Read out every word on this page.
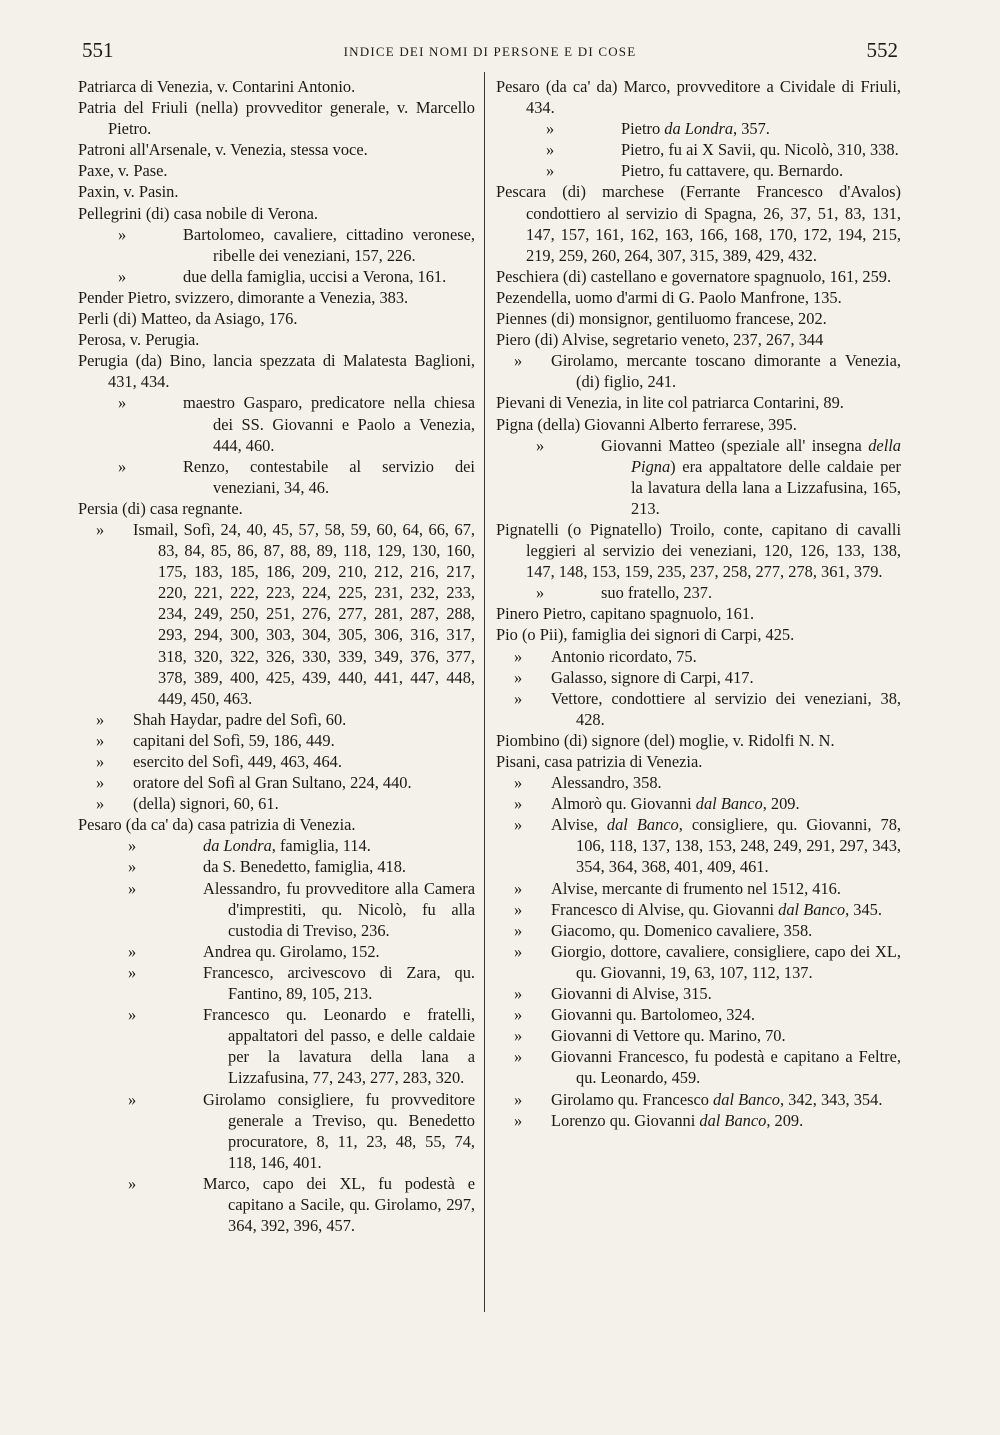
551	INDICE DEI NOMI DI PERSONE E DI COSE	552
Patriarca di Venezia, v. Contarini Antonio.
Patria del Friuli (nella) provveditor generale, v. Marcello Pietro.
Patroni all'Arsenale, v. Venezia, stessa voce.
Paxe, v. Pase.
Paxin, v. Pasin.
Pellegrini (di) casa nobile di Verona.
»	Bartolomeo, cavaliere, cittadino veronese, ribelle dei veneziani, 157, 226.
»	due della famiglia, uccisi a Verona, 161.
Pender Pietro, svizzero, dimorante a Venezia, 383.
Perli (di) Matteo, da Asiago, 176.
Perosa, v. Perugia.
Perugia (da) Bino, lancia spezzata di Malatesta Baglioni, 431, 434.
»	maestro Gasparo, predicatore nella chiesa dei SS. Giovanni e Paolo a Venezia, 444, 460.
»	Renzo, contestabile al servizio dei veneziani, 34, 46.
Persia (di) casa regnante.
»	Ismail, Sofì, 24, 40, 45, 57, 58, 59, 60, 64, 66, 67, 83, 84, 85, 86, 87, 88, 89, 118, 129, 130, 160, 175, 183, 185, 186, 209, 210, 212, 216, 217, 220, 221, 222, 223, 224, 225, 231, 232, 233, 234, 249, 250, 251, 276, 277, 281, 287, 288, 293, 294, 300, 303, 304, 305, 306, 316, 317, 318, 320, 322, 326, 330, 339, 349, 376, 377, 378, 389, 400, 425, 439, 440, 441, 447, 448, 449, 450, 463.
»	Shah Haydar, padre del Sofì, 60.
»	capitani del Sofì, 59, 186, 449.
»	esercito del Sofì, 449, 463, 464.
»	oratore del Sofì al Gran Sultano, 224, 440.
»	(della) signori, 60, 61.
Pesaro (da ca' da) casa patrizia di Venezia.
»	da Londra, famiglia, 114.
»	da S. Benedetto, famiglia, 418.
»	Alessandro, fu provveditore alla Camera d'imprestiti, qu. Nicolò, fu alla custodia di Treviso, 236.
»	Andrea qu. Girolamo, 152.
»	Francesco, arcivescovo di Zara, qu. Fantino, 89, 105, 213.
»	Francesco qu. Leonardo e fratelli, appaltatori del passo, e delle caldaie per la lavatura della lana a Lizzafusina, 77, 243, 277, 283, 320.
»	Girolamo consigliere, fu provveditore generale a Treviso, qu. Benedetto procuratore, 8, 11, 23, 48, 55, 74, 118, 146, 401.
»	Marco, capo dei XL, fu podestà e capitano a Sacile, qu. Girolamo, 297, 364, 392, 396, 457.
Pesaro (da ca' da) Marco, provveditore a Cividale di Friuli, 434.
»	Pietro da Londra, 357.
»	Pietro, fu ai X Savii, qu. Nicolò, 310, 338.
»	Pietro, fu cattavere, qu. Bernardo.
Pescara (di) marchese (Ferrante Francesco d'Avalos) condottiero al servizio di Spagna, 26, 37, 51, 83, 131, 147, 157, 161, 162, 163, 166, 168, 170, 172, 194, 215, 219, 259, 260, 264, 307, 315, 389, 429, 432.
Peschiera (di) castellano e governatore spagnuolo, 161, 259.
Pezendella, uomo d'armi di G. Paolo Manfrone, 135.
Piennes (di) monsignor, gentiluomo francese, 202.
Piero (di) Alvise, segretario veneto, 237, 267, 344
»	Girolamo, mercante toscano dimorante a Venezia, (di) figlio, 241.
Pievani di Venezia, in lite col patriarca Contarini, 89.
Pigna (della) Giovanni Alberto ferrarese, 395.
»	Giovanni Matteo (speziale all' insegna della Pigna) era appaltatore delle caldaie per la lavatura della lana a Lizzafusina, 165, 213.
Pignatelli (o Pignatello) Troilo, conte, capitano di cavalli leggieri al servizio dei veneziani, 120, 126, 133, 138, 147, 148, 153, 159, 235, 237, 258, 277, 278, 361, 379.
»	suo fratello, 237.
Pinero Pietro, capitano spagnuolo, 161.
Pio (o Pii), famiglia dei signori di Carpi, 425.
»	Antonio ricordato, 75.
»	Galasso, signore di Carpi, 417.
»	Vettore, condottiere al servizio dei veneziani, 38, 428.
Piombino (di) signore (del) moglie, v. Ridolfi N. N.
Pisani, casa patrizia di Venezia.
»	Alessandro, 358.
»	Almorò qu. Giovanni dal Banco, 209.
»	Alvise, dal Banco, consigliere, qu. Giovanni, 78, 106, 118, 137, 138, 153, 248, 249, 291, 297, 343, 354, 364, 368, 401, 409, 461.
»	Alvise, mercante di frumento nel 1512, 416.
»	Francesco di Alvise, qu. Giovanni dal Banco, 345.
»	Giacomo, qu. Domenico cavaliere, 358.
»	Giorgio, dottore, cavaliere, consigliere, capo dei XL, qu. Giovanni, 19, 63, 107, 112, 137.
»	Giovanni di Alvise, 315.
»	Giovanni qu. Bartolomeo, 324.
»	Giovanni di Vettore qu. Marino, 70.
»	Giovanni Francesco, fu podestà e capitano a Feltre, qu. Leonardo, 459.
»	Girolamo qu. Francesco dal Banco, 342, 343, 354.
»	Lorenzo qu. Giovanni dal Banco, 209.
